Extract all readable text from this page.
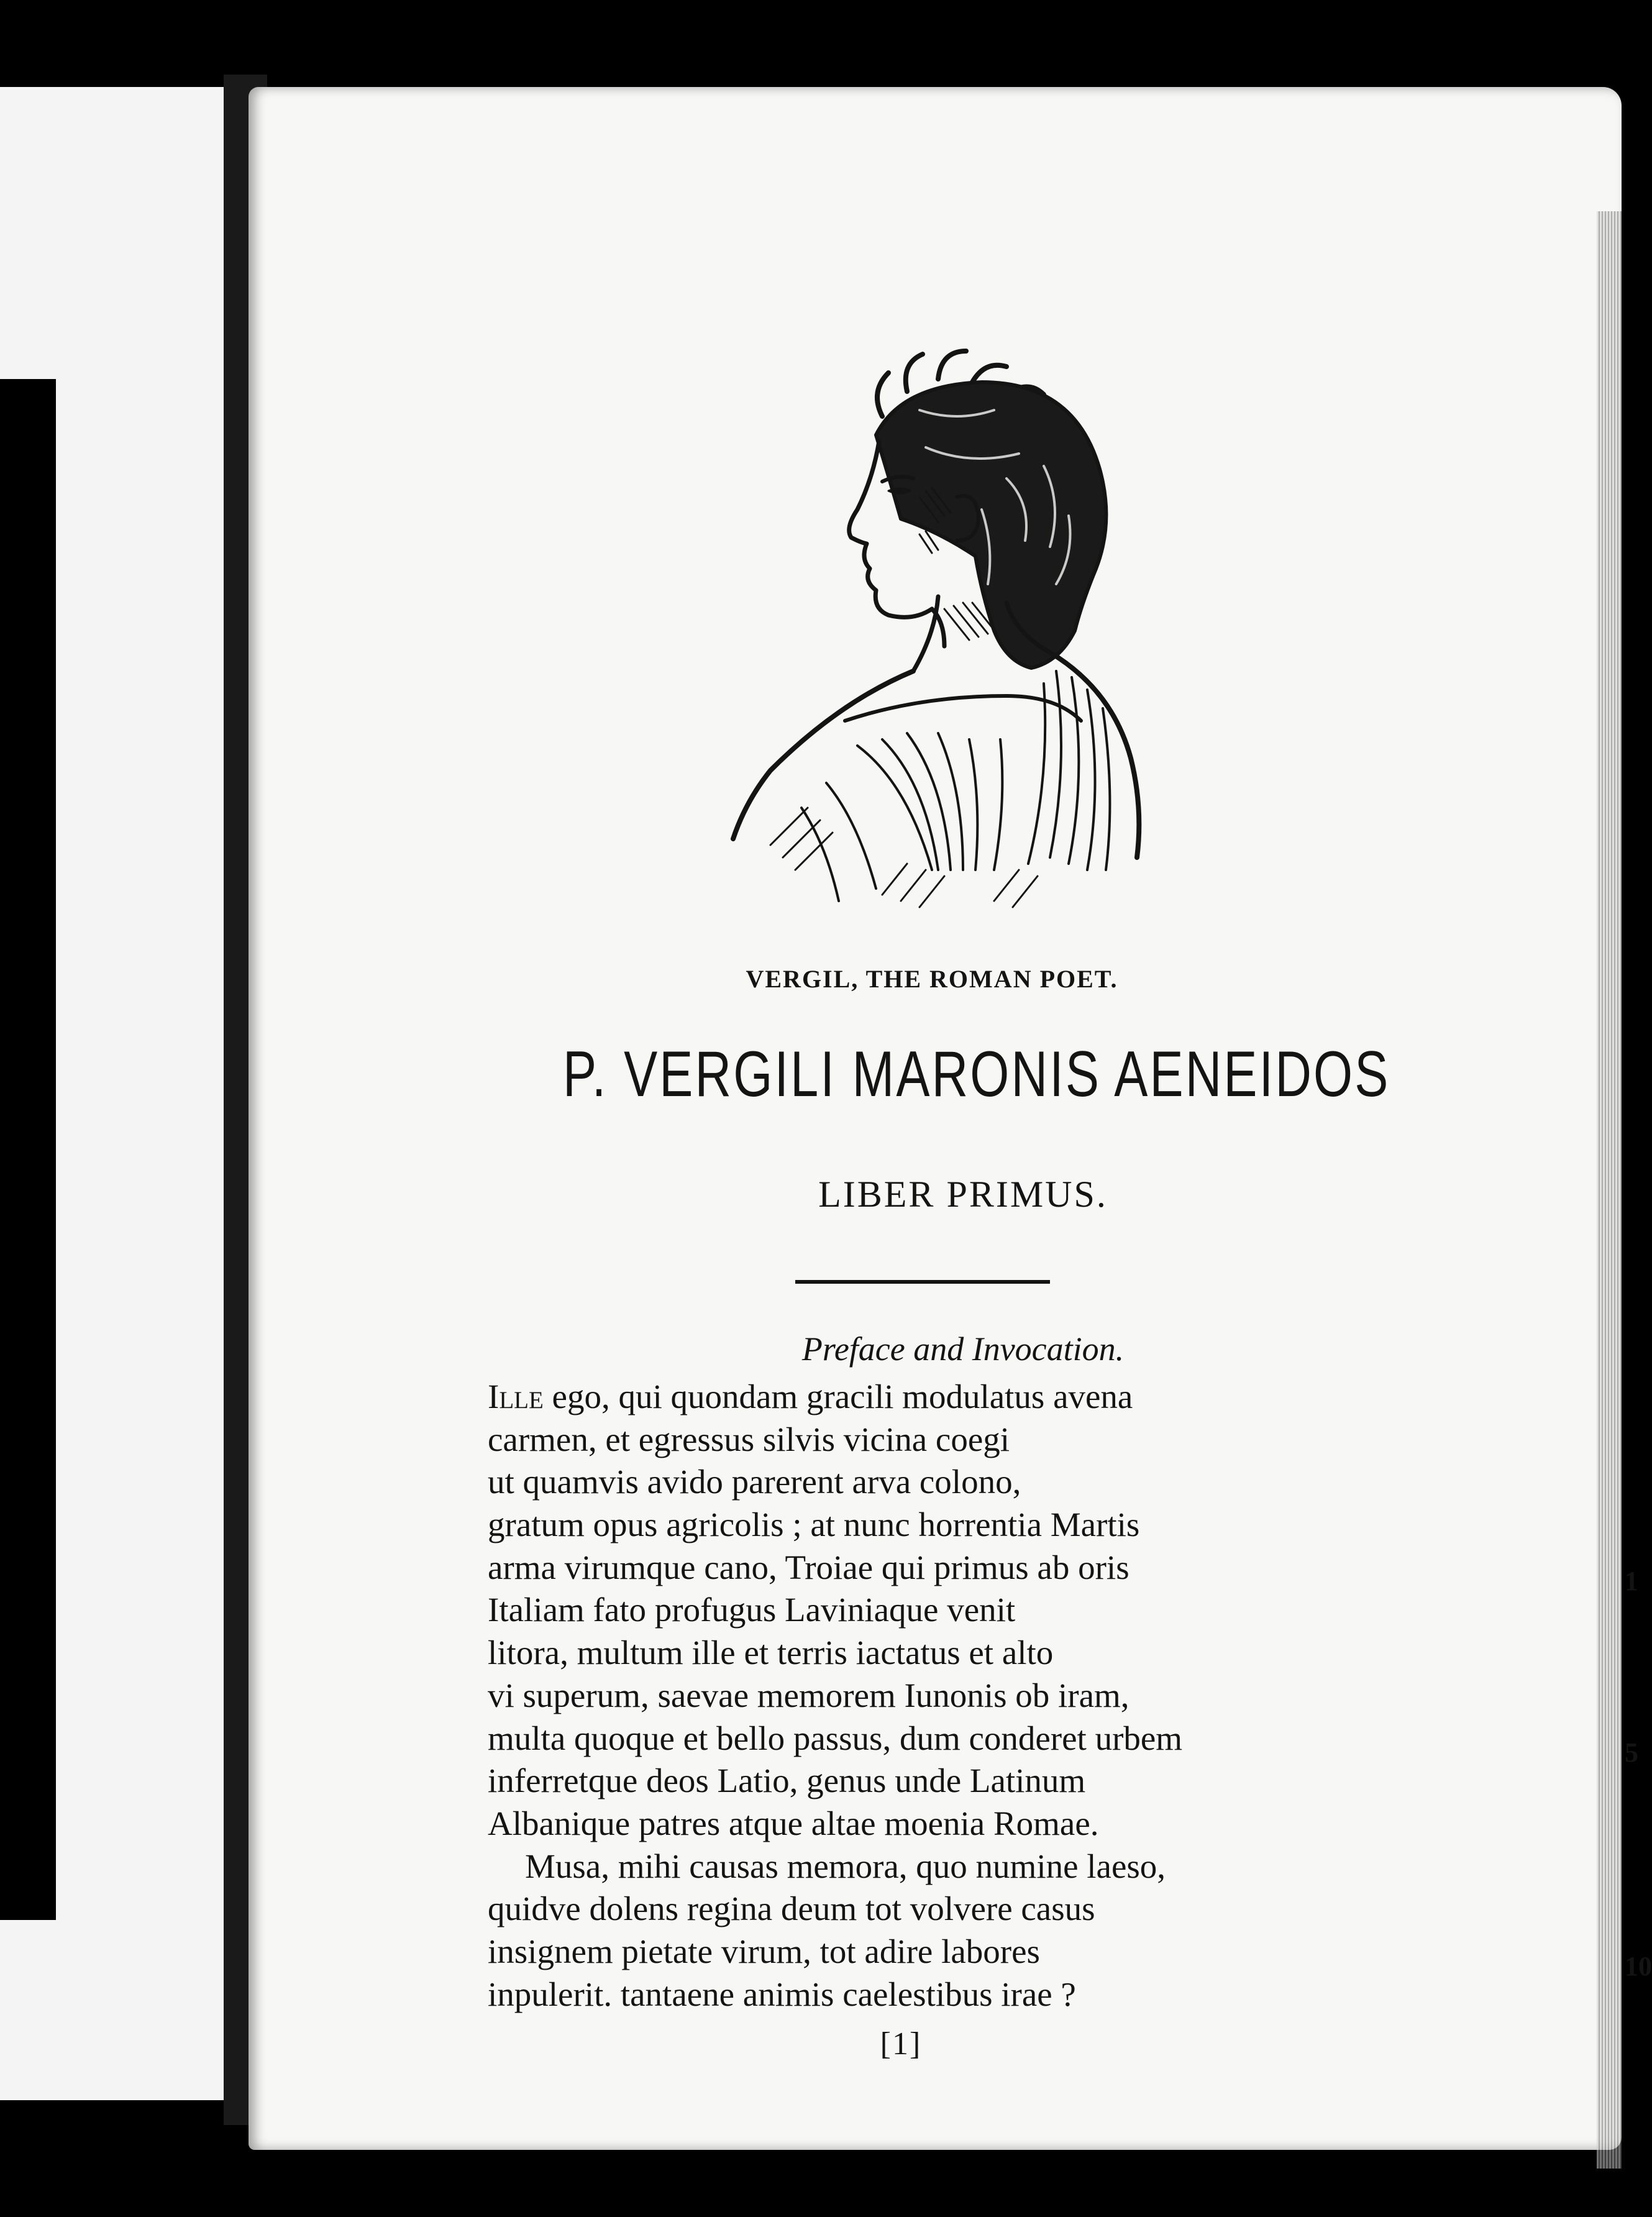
VERGIL, THE ROMAN POET.
P. VERGILI MARONIS AENEIDOS
LIBER PRIMUS.
Preface and Invocation.
Ille ego, qui quondam gracili modulatus avena
carmen, et egressus silvis vicina coegi
ut quamvis avido parerent arva colono,
gratum opus agricolis ; at nunc horrentia Martis
arma virumque cano, Troiae qui primus ab oris
Italiam fato profugus Laviniaque venit
litora, multum ille et terris iactatus et alto
vi superum, saevae memorem Iunonis ob iram,
multa quoque et bello passus, dum conderet urbem
inferretque deos Latio, genus unde Latinum
Albanique patres atque altae moenia Romae.
Musa, mihi causas memora, quo numine laeso,
quidve dolens regina deum tot volvere casus
insignem pietate virum, tot adire labores
inpulerit. tantaene animis caelestibus irae ?
1
5
10
[1]
